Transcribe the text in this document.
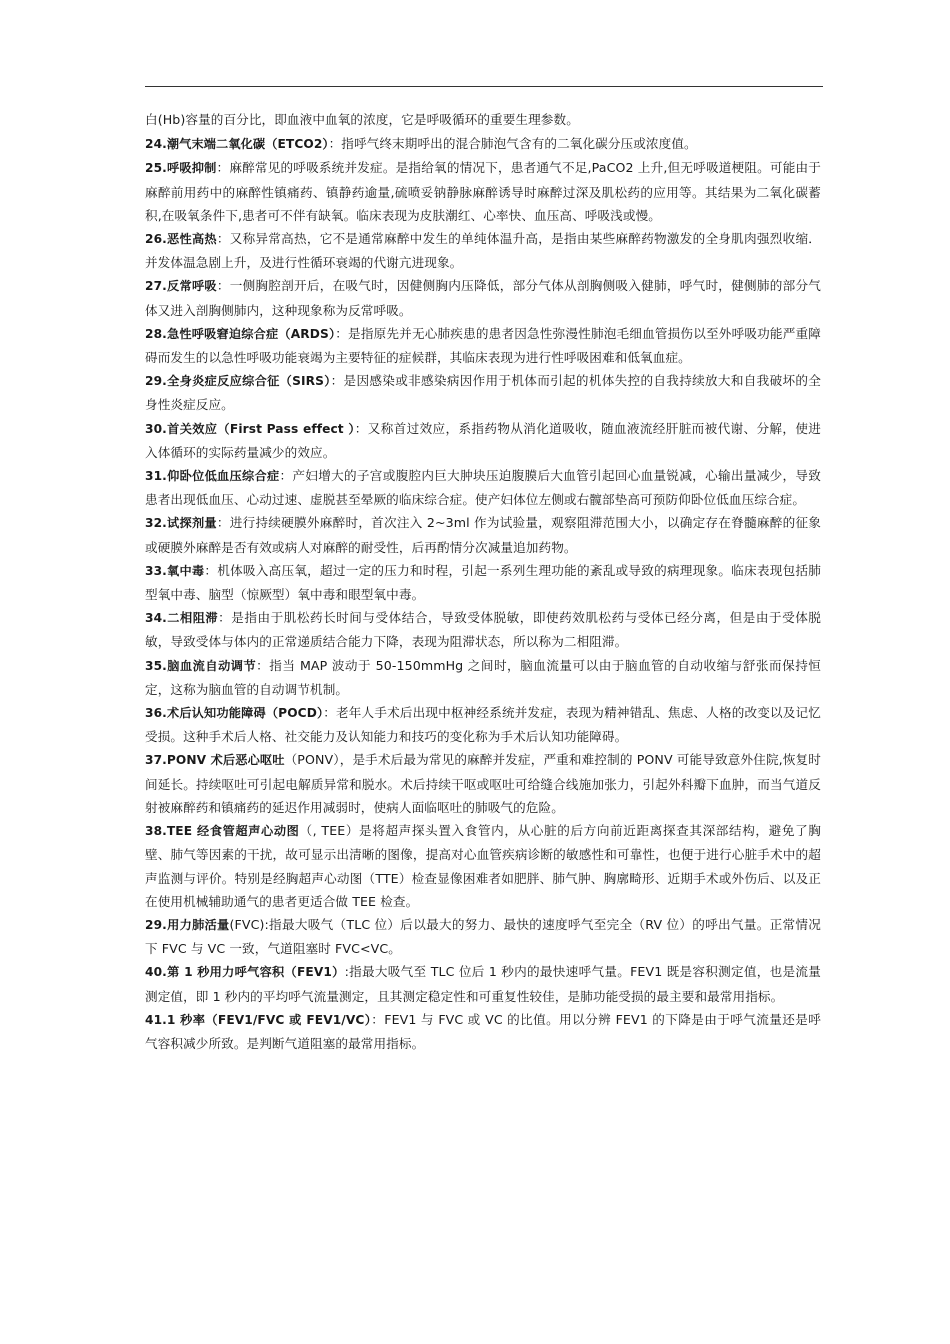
白(Hb)容量的百分比，即血液中血氧的浓度，它是呼吸循环的重要生理参数。

24.潮气末端二氧化碳（ETCO2）：指呼气终末期呼出的混合肺泡气含有的二氧化碳分压或浓度值。

25.呼吸抑制：麻醉常见的呼吸系统并发症。是指给氧的情况下，患者通气不足,PaCO2 上升,但无呼吸道梗阻。可能由于麻醉前用药中的麻醉性镇痛药、镇静药逾量,硫喷妥钠静脉麻醉诱导时麻醉过深及肌松药的应用等。其结果为二氧化碳蓄积,在吸氧条件下,患者可不伴有缺氧。临床表现为皮肤潮红、心率快、血压高、呼吸浅或慢。

26.恶性高热：又称异常高热，它不是通常麻醉中发生的单纯体温升高，是指由某些麻醉药物激发的全身肌肉强烈收缩．并发体温急剧上升，及进行性循环衰竭的代谢亢进现象。

27.反常呼吸：一侧胸腔剖开后，在吸气时，因健侧胸内压降低，部分气体从剖胸侧吸入健肺，呼气时，健侧肺的部分气体又进入剖胸侧肺内，这种现象称为反常呼吸。

28.急性呼吸窘迫综合症（ARDS）：是指原先并无心肺疾患的患者因急性弥漫性肺泡毛细血管损伤以至外呼吸功能严重障碍而发生的以急性呼吸功能衰竭为主要特征的症候群，其临床表现为进行性呼吸困难和低氧血症。

29.全身炎症反应综合征（SIRS）：是因感染或非感染病因作用于机体而引起的机体失控的自我持续放大和自我破坏的全身性炎症反应。

30.首关效应（First Pass effect ）：又称首过效应，系指药物从消化道吸收，随血液流经肝脏而被代谢、分解，使进入体循环的实际药量减少的效应。

31.仰卧位低血压综合症：产妇增大的子宫或腹腔内巨大肿块压迫腹膜后大血管引起回心血量锐减，心输出量减少，导致患者出现低血压、心动过速、虚脱甚至晕厥的临床综合症。使产妇体位左侧或右髋部垫高可预防仰卧位低血压综合症。

32.试探剂量：进行持续硬膜外麻醉时，首次注入 2~3ml 作为试验量，观察阻滞范围大小，以确定存在脊髓麻醉的征象或硬膜外麻醉是否有效或病人对麻醉的耐受性，后再酌情分次减量追加药物。

33.氧中毒：机体吸入高压氧，超过一定的压力和时程，引起一系列生理功能的紊乱或导致的病理现象。临床表现包括肺型氧中毒、脑型（惊厥型）氧中毒和眼型氧中毒。

34.二相阻滞：是指由于肌松药长时间与受体结合，导致受体脱敏，即使药效肌松药与受体已经分离，但是由于受体脱敏，导致受体与体内的正常递质结合能力下降，表现为阻滞状态，所以称为二相阻滞。

35.脑血流自动调节：指当 MAP 波动于 50-150mmHg 之间时，脑血流量可以由于脑血管的自动收缩与舒张而保持恒定，这称为脑血管的自动调节机制。

36.术后认知功能障碍（POCD）：老年人手术后出现中枢神经系统并发症，表现为精神错乱、焦虑、人格的改变以及记忆受损。这种手术后人格、社交能力及认知能力和技巧的变化称为手术后认知功能障碍。

37.PONV 术后恶心呕吐（PONV），是手术后最为常见的麻醉并发症，严重和难控制的 PONV 可能导致意外住院,恢复时间延长。持续呕吐可引起电解质异常和脱水。术后持续干呕或呕吐可给缝合线施加张力，引起外科瓣下血肿，而当气道反射被麻醉药和镇痛药的延迟作用减弱时，使病人面临呕吐的肺吸气的危险。

38.TEE 经食管超声心动图（, TEE）是将超声探头置入食管内，从心脏的后方向前近距离探查其深部结构，避免了胸壁、肺气等因素的干扰，故可显示出清晰的图像，提高对心血管疾病诊断的敏感性和可靠性，也便于进行心脏手术中的超声监测与评价。特别是经胸超声心动图（TTE）检查显像困难者如肥胖、肺气肿、胸廓畸形、近期手术或外伤后、以及正在使用机械辅助通气的患者更适合做 TEE 检查。

29.用力肺活量(FVC):指最大吸气（TLC 位）后以最大的努力、最快的速度呼气至完全（RV 位）的呼出气量。正常情况下 FVC 与 VC 一致，气道阻塞时 FVC<VC。

40.第 1 秒用力呼气容积（FEV1）:指最大吸气至 TLC 位后 1 秒内的最快速呼气量。FEV1 既是容积测定值，也是流量测定值，即 1 秒内的平均呼气流量测定，且其测定稳定性和可重复性较佳，是肺功能受损的最主要和最常用指标。

41.1 秒率（FEV1/FVC 或 FEV1/VC）：FEV1 与 FVC 或 VC 的比值。用以分辨 FEV1 的下降是由于呼气流量还是呼气容积减少所致。是判断气道阻塞的最常用指标。
